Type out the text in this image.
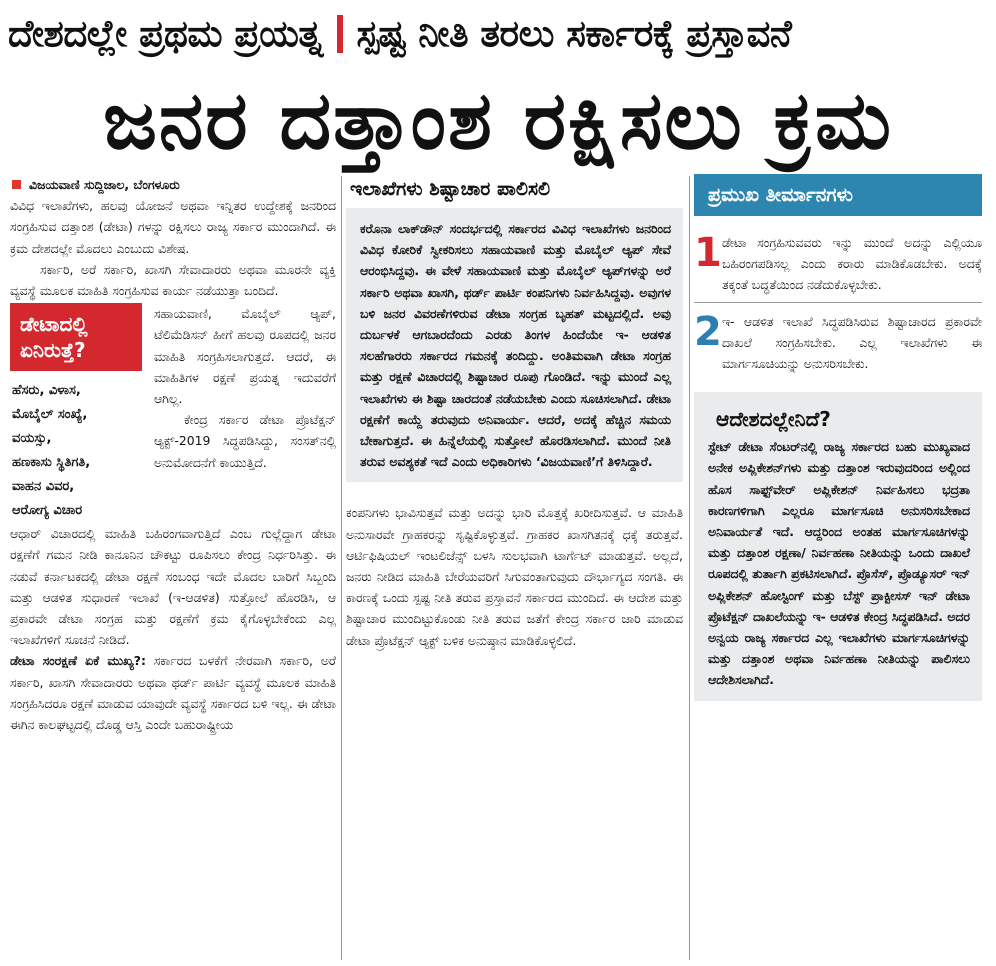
ದೇಶದಲ್ಲೇ ಪ್ರಥಮ ಪ್ರಯತ್ನ ಸ್ಪಷ್ಟ ನೀತಿ ತರಲು ಸರ್ಕಾರಕ್ಕೆ ಪ್ರಸ್ತಾವನೆ
ಜನರ ದತ್ತಾಂಶ ರಕ್ಷಿಸಲು ಕ್ರಮ
ವಿಜಯವಾಣಿ ಸುದ್ದಿಜಾಲ, ಬೆಂಗಳೂರು

ವಿವಿಧ ಇಲಾಖೆಗಳು, ಹಲವು ಯೋಜನೆ ಅಥವಾ ಇನ್ನಿತರ ಉದ್ದೇಶಕ್ಕೆ ಜನರಿಂದ ಸಂಗ್ರಹಿಸುವ ದತ್ತಾಂಶ (ಡೇಟಾ) ಗಳನ್ನು ರಕ್ಷಿಸಲು ರಾಜ್ಯ ಸರ್ಕಾರ ಮುಂದಾಗಿದೆ. ಈ ಕ್ರಮ ದೇಶದಲ್ಲೇ ಮೊದಲು ಎಂಬುದು ವಿಶೇಷ.

ಸರ್ಕಾರಿ, ಅರೆ ಸರ್ಕಾರಿ, ಖಾಸಗಿ ಸೇವಾದಾರರು ಅಥವಾ ಮೂರನೇ ವ್ಯಕ್ತಿ ವ್ಯವಸ್ಥೆ ಮೂಲಕ ಮಾಹಿತಿ ಸಂಗ್ರಹಿಸುವ ಕಾರ್ಯ ನಡೆಯುತ್ತಾ ಬಂದಿದೆ.

ಡೇಟಾದಲ್ಲಿ ಏನಿರುತ್ತೆ?
ಹೆಸರು, ವಿಳಾಸ,
ಮೊಬೈಲ್ ಸಂಖ್ಯೆ,
ವಯಸ್ಸು,
ಹಣಕಾಸು ಸ್ಥಿತಿಗತಿ,
ವಾಹನ ವಿವರ,
ಆರೋಗ್ಯ ವಿಚಾರ

ಸಹಾಯವಾಣಿ, ಮೊಬೈಲ್ ಆ್ಯಪ್, ಟೆಲಿಮೆಡಿಸನ್ ಹೀಗೆ ಹಲವು ರೂಪದಲ್ಲಿ ಜನರ ಮಾಹಿತಿ ಸಂಗ್ರಹಿಸಲಾಗುತ್ತದೆ. ಆದರೆ, ಈ ಮಾಹಿತಿಗಳ ರಕ್ಷಣೆ ಪ್ರಯತ್ನ ಇದುವರೆಗೆ ಆಗಿಲ್ಲ.

ಕೇಂದ್ರ ಸರ್ಕಾರ ಡೇಟಾ ಪ್ರೊಟೆಕ್ಷನ್ ಆ್ಯಕ್ಟ್-2019 ಸಿದ್ಧಪಡಿಸಿದ್ದು, ಸಂಸತ್‌ನಲ್ಲಿ ಅನುಮೋದನೆಗೆ ಕಾಯುತ್ತಿದೆ.

ಆಧಾರ್ ವಿಚಾರದಲ್ಲಿ ಮಾಹಿತಿ ಬಹಿರಂಗವಾಗುತ್ತಿದೆ ಎಂಬ ಗುಲ್ಲೆದ್ದಾಗ ಡೇಟಾ ರಕ್ಷಣೆಗೆ ಗಮನ ನೀಡಿ ಕಾನೂನಿನ ಚೌಕಟ್ಟು ರೂಪಿಸಲು ಕೇಂದ್ರ ನಿರ್ಧರಿಸಿತ್ತು. ಈ ನಡುವೆ ಕರ್ನಾಟಕದಲ್ಲಿ ಡೇಟಾ ರಕ್ಷಣೆ ಸಂಬಂಧ ಇದೇ ಮೊದಲ ಬಾರಿಗೆ ಸಿಬ್ಬಂದಿ ಮತ್ತು ಆಡಳಿತ ಸುಧಾರಣೆ ಇಲಾಖೆ (ಇ-ಆಡಳಿತ) ಸುತ್ತೋಲೆ ಹೊರಡಿಸಿ, ಆ ಪ್ರಕಾರವೇ ಡೇಟಾ ಸಂಗ್ರಹ ಮತ್ತು ರಕ್ಷಣೆಗೆ ಕ್ರಮ ಕೈಗೊಳ್ಳಬೇಕೆಂದು ಎಲ್ಲ ಇಲಾಖೆಗಳಿಗೆ ಸೂಚನೆ ನೀಡಿದೆ.

ಡೇಟಾ ಸಂರಕ್ಷಣೆ ಏಕೆ ಮುಖ್ಯ?: ಸರ್ಕಾರದ ಬಳಕೆಗೆ ನೇರವಾಗಿ ಸರ್ಕಾರಿ, ಅರೆ ಸರ್ಕಾರಿ, ಖಾಸಗಿ ಸೇವಾದಾರರು ಅಥವಾ ಥರ್ಡ್ ಪಾರ್ಟಿ ವ್ಯವಸ್ಥೆ ಮೂಲಕ ಮಾಹಿತಿ ಸಂಗ್ರಹಿಸಿದರೂ ರಕ್ಷಣೆ ಮಾಡುವ ಯಾವುದೇ ವ್ಯವಸ್ಥೆ ಸರ್ಕಾರದ ಬಳಿ ಇಲ್ಲ. ಈ ಡೇಟಾ ಈಗಿನ ಕಾಲಘಟ್ಟದಲ್ಲಿ ದೊಡ್ಡ ಆಸ್ತಿ ಎಂದೇ ಬಹುರಾಷ್ಟ್ರೀಯ

ಇಲಾಖೆಗಳು ಶಿಷ್ಟಾಚಾರ ಪಾಲಿಸಲಿ

ಕರೊನಾ ಲಾಕ್‌ಡೌನ್ ಸಂದರ್ಭದಲ್ಲಿ ಸರ್ಕಾರದ ವಿವಿಧ ಇಲಾಖೆಗಳು ಜನರಿಂದ ವಿವಿಧ ಕೋರಿಕೆ ಸ್ವೀಕರಿಸಲು ಸಹಾಯವಾಣಿ ಮತ್ತು ಮೊಬೈಲ್ ಆ್ಯಪ್ ಸೇವೆ ಆರಂಭಿಸಿದ್ದವು. ಈ ವೇಳೆ ಸಹಾಯವಾಣಿ ಮತ್ತು ಮೊಬೈಲ್ ಆ್ಯಪ್‌ಗಳನ್ನು ಅರೆ ಸರ್ಕಾರಿ ಅಥವಾ ಖಾಸಗಿ, ಥರ್ಡ್ ಪಾರ್ಟಿ ಕಂಪನಿಗಳು ನಿರ್ವಹಿಸಿದ್ದವು. ಅವುಗಳ ಬಳಿ ಜನರ ವಿವರಣೆಗಳಿರುವ ಡೇಟಾ ಸಂಗ್ರಹ ಬೃಹತ್ ಮಟ್ಟದಲ್ಲಿದೆ. ಅವು ದುರ್ಬಳಕೆ ಆಗಬಾರದೆಂದು ಎರಡು ತಿಂಗಳ ಹಿಂದೆಯೇ ಇ- ಆಡಳಿತ ಸಲಹೆಗಾರರು ಸರ್ಕಾರದ ಗಮನಕ್ಕೆ ತಂದಿದ್ದು. ಅಂತಿಮವಾಗಿ ಡೇಟಾ ಸಂಗ್ರಹ ಮತ್ತು ರಕ್ಷಣೆ ವಿಚಾರದಲ್ಲಿ ಶಿಷ್ಟಾಚಾರ ರೂಪು ಗೊಂಡಿದೆ. ಇನ್ನು ಮುಂದೆ ಎಲ್ಲ ಇಲಾಖೆಗಳು ಈ ಶಿಷ್ಟಾ ಚಾರದಂತೆ ನಡೆಯಬೇಕು ಎಂದು ಸೂಚಿಸಲಾಗಿದೆ. ಡೇಟಾ ರಕ್ಷಣೆಗೆ ಕಾಯ್ದೆ ತರುವುದು ಅನಿವಾರ್ಯ. ಆದರೆ, ಅದಕ್ಕೆ ಹೆಚ್ಚಿನ ಸಮಯ ಬೇಕಾಗುತ್ತದೆ. ಈ ಹಿನ್ನೆಲೆಯಲ್ಲಿ ಸುತ್ತೋಲೆ ಹೊರಡಿಸಲಾಗಿದೆ. ಮುಂದೆ ನೀತಿ ತರುವ ಅವಶ್ಯಕತೆ ಇದೆ ಎಂದು ಅಧಿಕಾರಿಗಳು ‘ವಿಜಯವಾಣಿ’ಗೆ ತಿಳಿಸಿದ್ದಾರೆ.

ಕಂಪನಿಗಳು ಭಾವಿಸುತ್ತವೆ ಮತ್ತು ಅದನ್ನು ಭಾರಿ ಮೊತ್ತಕ್ಕೆ ಖರೀದಿಸುತ್ತವೆ. ಆ ಮಾಹಿತಿ ಅನುಸಾರವೇ ಗ್ರಾಹಕರನ್ನು ಸೃಷ್ಟಿಕೊಳ್ಳುತ್ತವೆ. ಗ್ರಾಹಕರ ಖಾಸಗಿತನಕ್ಕೆ ಧಕ್ಕೆ ತರುತ್ತವೆ. ಆರ್ಟಿಫಿಷಿಯಲ್ ಇಂಟಲಿಜೆನ್ಸ್ ಬಳಸಿ ಸುಲಭವಾಗಿ ಟಾರ್ಗೆಟ್ ಮಾಡುತ್ತವೆ. ಅಲ್ಲದೆ, ಜನರು ನೀಡಿದ ಮಾಹಿತಿ ಬೇರೆಯವರಿಗೆ ಸಿಗುವಂತಾಗುವುದು ದೌರ್ಭಾಗ್ಯದ ಸಂಗತಿ. ಈ ಕಾರಣಕ್ಕೆ ಒಂದು ಸ್ಪಷ್ಟ ನೀತಿ ತರುವ ಪ್ರಸ್ತಾವನೆ ಸರ್ಕಾರದ ಮುಂದಿದೆ. ಈ ಆದೇಶ ಮತ್ತು ಶಿಷ್ಟಾಚಾರ ಮುಂದಿಟ್ಟುಕೊಂಡು ನೀತಿ ತರುವ ಜತೆಗೆ ಕೇಂದ್ರ ಸರ್ಕಾರ ಜಾರಿ ಮಾಡುವ ಡೇಟಾ ಪ್ರೊಟೆಕ್ಷನ್ ಆ್ಯಕ್ಟ್ ಬಳಿಕ ಅನುಷ್ಠಾನ ಮಾಡಿಕೊಳ್ಳಲಿದೆ.

ಪ್ರಮುಖ ತೀರ್ಮಾನಗಳು
1 ಡೇಟಾ ಸಂಗ್ರಹಿಸುವವರು ಇನ್ನು ಮುಂದೆ ಅದನ್ನು ಎಲ್ಲಿಯೂ ಬಹಿರಂಗಪಡಿಸಲ್ಲ ಎಂದು ಕರಾರು ಮಾಡಿಕೊಡಬೇಕು. ಅದಕ್ಕೆ ತಕ್ಕಂತೆ ಬದ್ಧತೆಯಿಂದ ನಡೆದುಕೊಳ್ಳಬೇಕು.
2 ಇ- ಆಡಳಿತ ಇಲಾಖೆ ಸಿದ್ಧಪಡಿಸಿರುವ ಶಿಷ್ಟಾಚಾರದ ಪ್ರಕಾರವೇ ದಾಖಲೆ ಸಂಗ್ರಹಿಸಬೇಕು. ಎಲ್ಲ ಇಲಾಖೆಗಳು ಈ ಮಾರ್ಗಸೂಚಿಯನ್ನು ಅನುಸರಿಸಬೇಕು.
ಆದೇಶದಲ್ಲೇನಿದೆ?

ಸ್ಟೇಟ್ ಡೇಟಾ ಸೆಂಟರ್‌ನಲ್ಲಿ ರಾಜ್ಯ ಸರ್ಕಾರದ ಬಹು ಮುಖ್ಯವಾದ ಅನೇಕ ಅಪ್ಲಿಕೇಶನ್‌ಗಳು ಮತ್ತು ದತ್ತಾಂಶ ಇರುವುದರಿಂದ ಅಲ್ಲಿಂದ ಹೊಸ ಸಾಫ್ಟ್‌ವೇರ್ ಅಪ್ಲಿಕೇಶನ್ ನಿರ್ವಹಿಸಲು ಭದ್ರತಾ ಕಾರಣಗಳಿಗಾಗಿ ಎಲ್ಲರೂ ಮಾರ್ಗಸೂಚಿ ಅನುಸರಿಸಬೇಕಾದ ಅನಿವಾರ್ಯತೆ ಇದೆ. ಆದ್ದರಿಂದ ಅಂತಹ ಮಾರ್ಗಸೂಚಿಗಳನ್ನು ಮತ್ತು ದತ್ತಾಂಶ ರಕ್ಷಣಾ/ ನಿರ್ವಹಣಾ ನೀತಿಯನ್ನು ಒಂದು ದಾಖಲೆ ರೂಪದಲ್ಲಿ ತುರ್ತಾಗಿ ಪ್ರಕಟಿಸಲಾಗಿದೆ. ಪ್ರೊಸೆಸ್, ಪ್ರೊಡ್ಯೂಸರ್ ಇನ್ ಅಪ್ಲಿಕೇಶನ್ ಹೋಸ್ಟಿಂಗ್ ಮತ್ತು ಬೆಸ್ಟ್ ಪ್ರಾಕ್ಟೀಸಸ್ ಇನ್ ಡೇಟಾ ಪ್ರೊಟೆಕ್ಷನ್ ದಾಖಲೆಯನ್ನು ಇ- ಆಡಳಿತ ಕೇಂದ್ರ ಸಿದ್ಧಪಡಿಸಿದೆ. ಅದರ ಅನ್ವಯ ರಾಜ್ಯ ಸರ್ಕಾರದ ಎಲ್ಲ ಇಲಾಖೆಗಳು ಮಾರ್ಗಸೂಚಿಗಳನ್ನು ಮತ್ತು ದತ್ತಾಂಶ ಅಥವಾ ನಿರ್ವಹಣಾ ನೀತಿಯನ್ನು ಪಾಲಿಸಲು ಆದೇಶಿಸಲಾಗಿದೆ.
